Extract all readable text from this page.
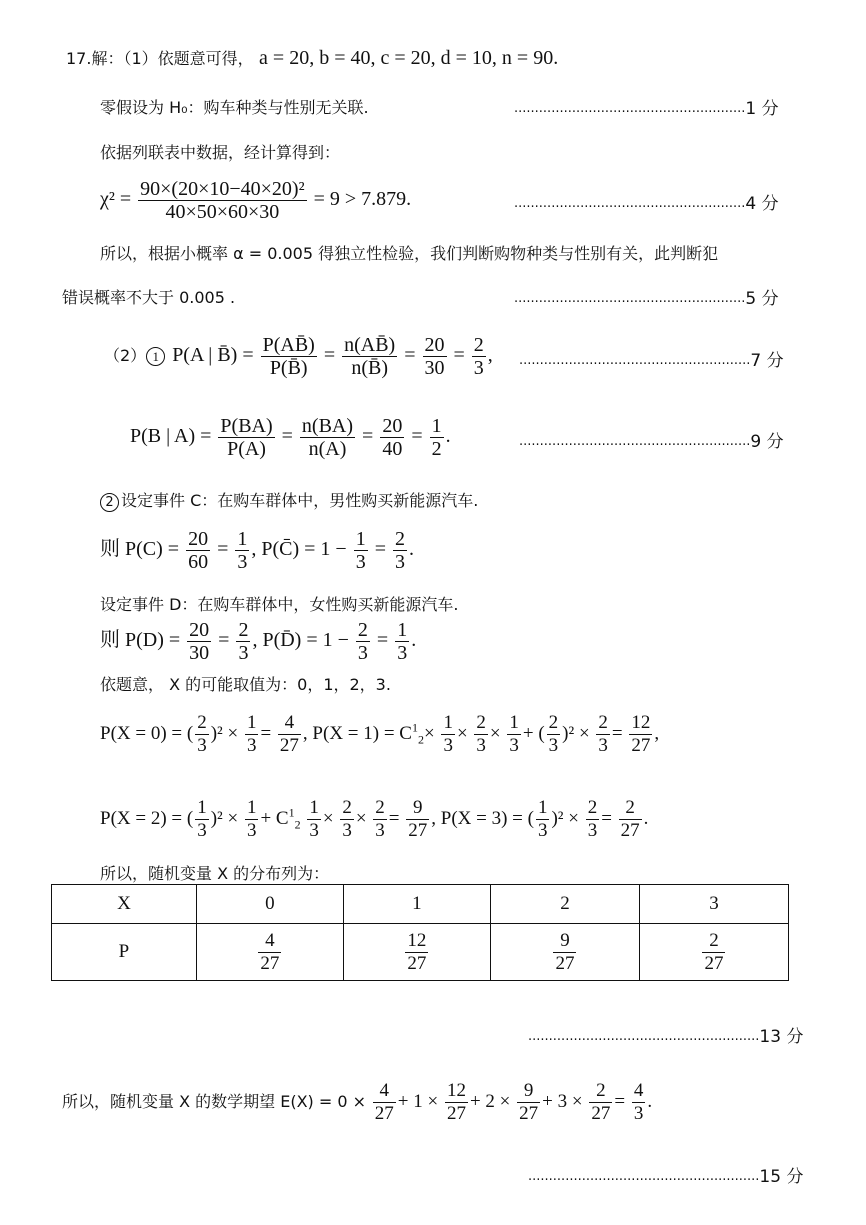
17.解：（1）依题意可得， a = 20, b = 40, c = 20, d = 10, n = 90.
零假设为 H₀：购车种类与性别无关联.	........................................................1 分
依据列联表中数据，经计算得到：
$\chi^2 = \frac{\text{90×(20×10−40×20)²}}{40\times 50\times 60\times 30} = 9 > 7.879$.	........................................................4 分
所以，根据小概率 α = 0.005 得独立性检验，我们判断购物种类与性别有关，此判断犯
错误概率不大于 0.005 .	........................................................5 分
（2） 1 P(A | B̄) = $\frac{P(AB̄)}{P(B̄)} = \frac{n(AB̄)}{n(B̄)} = \frac{20}{30} = \frac{2}{3}$ , ........................................................7 分
P(B | $A) = \frac{P(BA)}{P(A)} = \frac{n(BA)}{n(A)} = \frac{20}{40} = \frac{1}{2}$ .	........................................................9 分
2 设定事件 C：在购车群体中，男性购买新能源汽车.
则 $P(C) = \frac{20}{60} = \frac{1}{3}$ , P(C̄) = $1 - \frac{1}{3} = \frac{2}{3}$ .
设定事件 D：在购车群体中，女性购买新能源汽车.
则 $P(D) = \frac{20}{30} = \frac{2}{3}$ , P(D̄) = $1 - \frac{2}{3} = \frac{1}{3}$ .
依题意， X 的可能取值为：0，1，2，3.
P(X = 0) = ( $\frac{2}{3} )^2 \times \frac{1}{3} = \frac{4}{27}$ , $P(X = 1) = C^1_2\times \frac{1}{3} \times \frac{2}{3} \times \frac{1}{3}$ + ( $\frac{2}{3} )^2 \times \frac{2}{3} = \frac{12}{27}$ ,
P(X = 2) = ( $\frac{1}{3} )^2 \times \frac{1}{3} + C^1_2 \frac{1}{3} \times \frac{2}{3} \times \frac{2}{3} = \frac{9}{27}$ , P(X = 3) = ( $\frac{1}{3} )^2 \times \frac{2}{3} = \frac{2}{27}$ .
所以，随机变量 X 的分布列为：
X	0	1	2	3
P	$\frac{4}{27}$	$\frac{12}{27}$	$\frac{9}{27}$	$\frac{2}{27}$
........................................................13 分
所以，随机变量 X 的数学期望 $E(X) = 0 \times \frac{4}{27} + 1 \times \frac{12}{27} + 2 \times \frac{9}{27} + 3 \times \frac{2}{27} = \frac{4}{3}$ .
........................................................15 分
